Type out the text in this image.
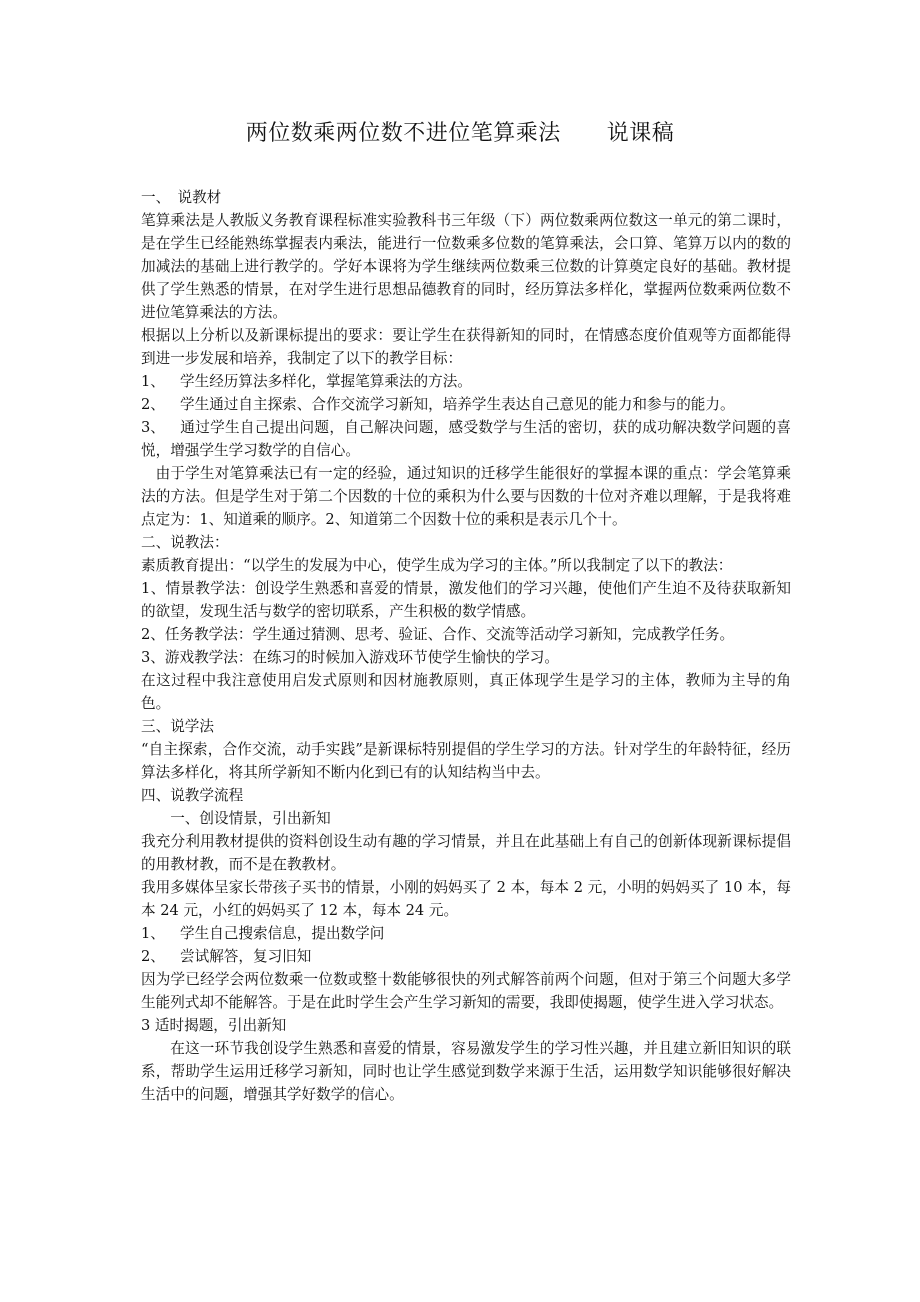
两位数乘两位数不进位笔算乘法 说课稿

一、　说教材

笔算乘法是人教版义务教育课程标准实验教科书三年级（下）两位数乘两位数这一单元的第二课时，是在学生已经能熟练掌握表内乘法，能进行一位数乘多位数的笔算乘法，会口算、笔算万以内的数的加减法的基础上进行教学的。学好本课将为学生继续两位数乘三位数的计算奠定良好的基础。教材提供了学生熟悉的情景，在对学生进行思想品德教育的同时，经历算法多样化，掌握两位数乘两位数不进位笔算乘法的方法。

根据以上分析以及新课标提出的要求：要让学生在获得新知的同时，在情感态度价值观等方面都能得到进一步发展和培养，我制定了以下的教学目标：

1、 学生经历算法多样化，掌握笔算乘法的方法。

2、 学生通过自主探索、合作交流学习新知，培养学生表达自己意见的能力和参与的能力。

3、 通过学生自己提出问题，自己解决问题，感受数学与生活的密切，获的成功解决数学问题的喜悦，增强学生学习数学的自信心。

由于学生对笔算乘法已有一定的经验，通过知识的迁移学生能很好的掌握本课的重点：学会笔算乘法的方法。但是学生对于第二个因数的十位的乘积为什么要与因数的十位对齐难以理解，于是我将难点定为：1、知道乘的顺序。2、知道第二个因数十位的乘积是表示几个十。

二、说教法：

素质教育提出：“以学生的发展为中心，使学生成为学习的主体。”所以我制定了以下的教法：

1、情景教学法：创设学生熟悉和喜爱的情景，激发他们的学习兴趣，使他们产生迫不及待获取新知的欲望，发现生活与数学的密切联系，产生积极的数学情感。

2、任务教学法：学生通过猜测、思考、验证、合作、交流等活动学习新知，完成教学任务。

3、游戏教学法：在练习的时候加入游戏环节使学生愉快的学习。

在这过程中我注意使用启发式原则和因材施教原则，真正体现学生是学习的主体，教师为主导的角色。

三、说学法

“自主探索，合作交流，动手实践”是新课标特别提倡的学生学习的方法。针对学生的年龄特征，经历算法多样化，将其所学新知不断内化到已有的认知结构当中去。

四、说教学流程

一、创设情景，引出新知

我充分利用教材提供的资料创设生动有趣的学习情景，并且在此基础上有自己的创新体现新课标提倡的用教材教，而不是在教教材。

我用多媒体呈家长带孩子买书的情景，小刚的妈妈买了 2 本，每本 2 元，小明的妈妈买了 10 本，每本 24 元，小红的妈妈买了 12 本，每本 24 元。

1、 学生自己搜索信息，提出数学问

2、 尝试解答，复习旧知

因为学已经学会两位数乘一位数或整十数能够很快的列式解答前两个问题，但对于第三个问题大多学生能列式却不能解答。于是在此时学生会产生学习新知的需要，我即使揭题，使学生进入学习状态。

3 适时揭题，引出新知

在这一环节我创设学生熟悉和喜爱的情景，容易激发学生的学习性兴趣，并且建立新旧知识的联系，帮助学生运用迁移学习新知，同时也让学生感觉到数学来源于生活，运用数学知识能够很好解决生活中的问题，增强其学好数学的信心。
